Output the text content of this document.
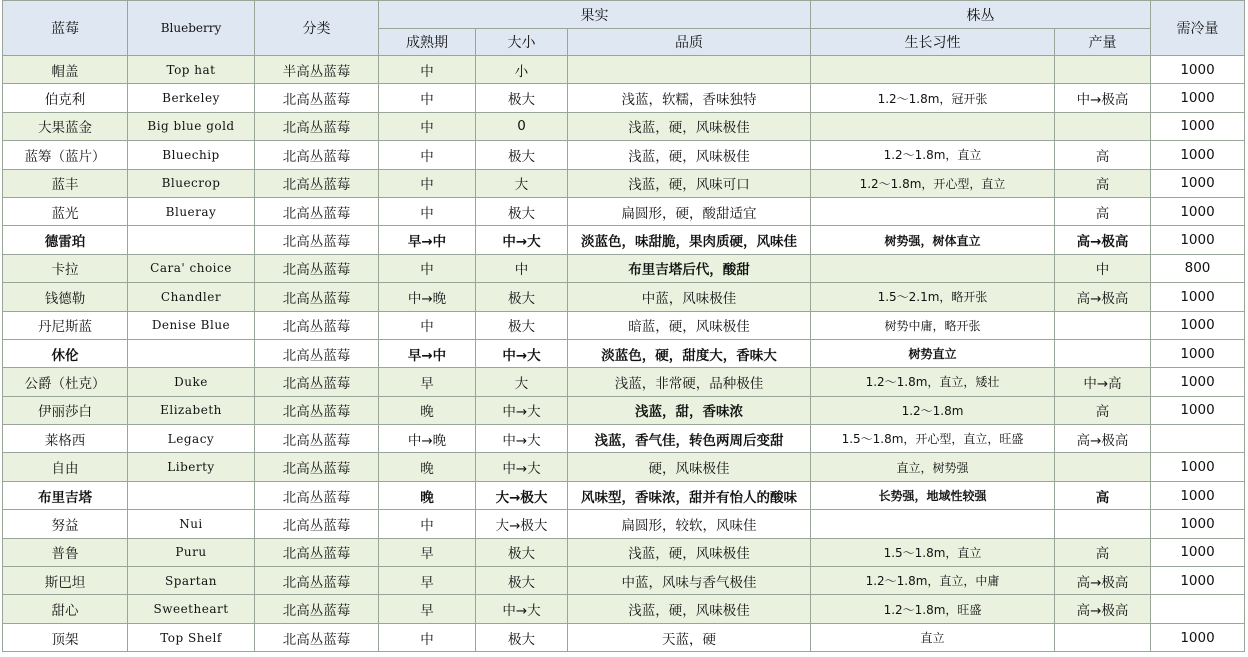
蓝莓	Blueberry	分类	果实			株丛		需冷量
			成熟期	大小	品质	生长习性	产量	
帽盖	Top hat	半高丛蓝莓	中	小				1000
伯克利	Berkeley	北高丛蓝莓	中	极大	浅蓝，软糯，香味独特	1.2～1.8m，冠开张	中→极高	1000
大果蓝金	Big blue gold	北高丛蓝莓	中	0	浅蓝，硬，风味极佳			1000
蓝筹（蓝片）	Bluechip	北高丛蓝莓	中	极大	浅蓝，硬，风味极佳	1.2～1.8m，直立	高	1000
蓝丰	Bluecrop	北高丛蓝莓	中	大	浅蓝，硬，风味可口	1.2～1.8m，开心型，直立	高	1000
蓝光	Blueray	北高丛蓝莓	中	极大	扁圆形，硬，酸甜适宜		高	1000
德雷珀		北高丛蓝莓	早→中	中→大	淡蓝色，味甜脆，果肉质硬，风味佳	树势强，树体直立	高→极高	1000
卡拉	Cara' choice	北高丛蓝莓	中	中	布里吉塔后代，酸甜		中	800
钱德勒	Chandler	北高丛蓝莓	中→晚	极大	中蓝，风味极佳	1.5～2.1m，略开张	高→极高	1000
丹尼斯蓝	Denise Blue	北高丛蓝莓	中	极大	暗蓝，硬，风味极佳	树势中庸，略开张		1000
休伦		北高丛蓝莓	早→中	中→大	淡蓝色，硬，甜度大，香味大	树势直立		1000
公爵（杜克）	Duke	北高丛蓝莓	早	大	浅蓝，非常硬，品种极佳	1.2～1.8m，直立，矮壮	中→高	1000
伊丽莎白	Elizabeth	北高丛蓝莓	晚	中→大	浅蓝，甜，香味浓	1.2～1.8m	高	1000
莱格西	Legacy	北高丛蓝莓	中→晚	中→大	浅蓝，香气佳，转色两周后变甜	1.5～1.8m，开心型，直立，旺盛	高→极高	
自由	Liberty	北高丛蓝莓	晚	中→大	硬，风味极佳	直立，树势强		1000
布里吉塔		北高丛蓝莓	晚	大→极大	风味型，香味浓，甜并有怡人的酸味	长势强，地域性较强	高	1000
努益	Nui	北高丛蓝莓	中	大→极大	扁圆形，较软，风味佳			1000
普鲁	Puru	北高丛蓝莓	早	极大	浅蓝，硬，风味极佳	1.5～1.8m，直立	高	1000
斯巴坦	Spartan	北高丛蓝莓	早	极大	中蓝，风味与香气极佳	1.2～1.8m，直立，中庸	高→极高	1000
甜心	Sweetheart	北高丛蓝莓	早	中→大	浅蓝，硬，风味极佳	1.2～1.8m，旺盛	高→极高	
顶架	Top Shelf	北高丛蓝莓	中	极大	天蓝，硬	直立		1000
